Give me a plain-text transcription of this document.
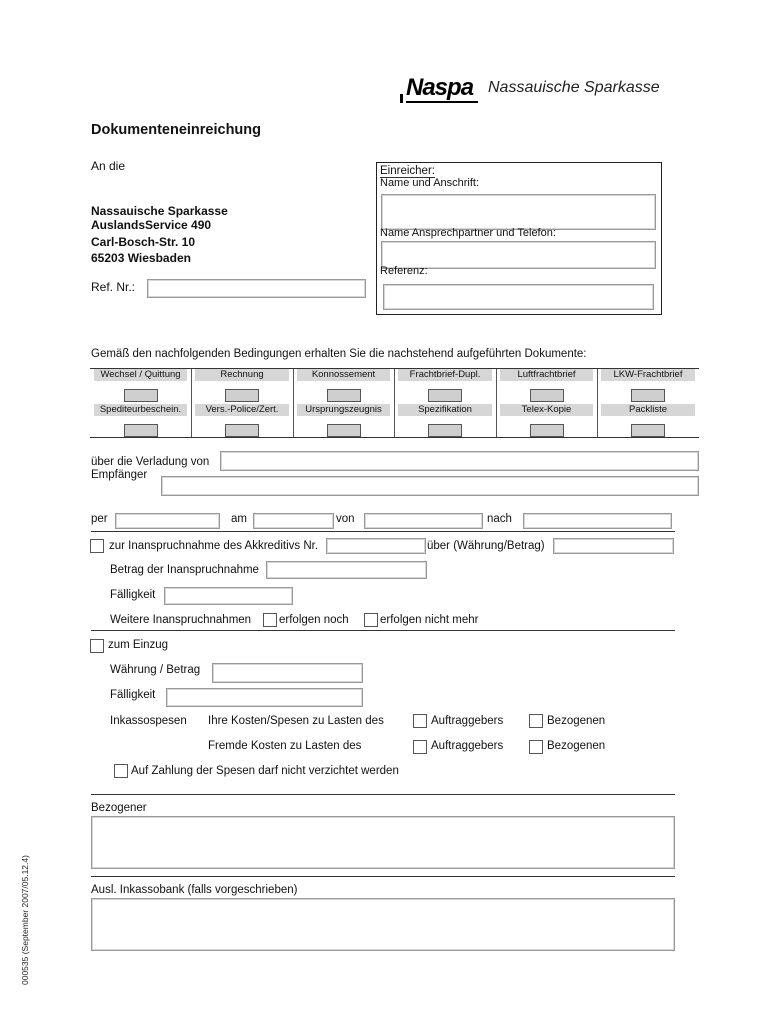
Naspa Nassauische Sparkasse
Dokumenteneinreichung
An die
Nassauische Sparkasse
AuslandsService 490
Carl-Bosch-Str. 10
65203 Wiesbaden
Ref. Nr.:
Einreicher:
Name und Anschrift:
Name Ansprechpartner und Telefon:
Referenz:
Gemäß den nachfolgenden Bedingungen erhalten Sie die nachstehend aufgeführten Dokumente:
Wechsel / Quittung	Rechnung	Konnossement	Frachtbrief-Dupl.	Luftfrachtbrief	LKW-Frachtbrief
Spediteurbeschein.	Vers.-Police/Zert.	Ursprungszeugnis	Spezifikation	Telex-Kopie	Packliste
über die Verladung von
Empfänger
per	am	von	nach
zur Inanspruchnahme des Akkreditivs Nr.	über (Währung/Betrag)
Betrag der Inanspruchnahme
Fälligkeit
Weitere Inanspruchnahmen erfolgen noch	erfolgen nicht mehr
zum Einzug
Währung / Betrag
Fälligkeit
Inkassospesen Ihre Kosten/Spesen zu Lasten des	Auftraggebers	Bezogenen
Fremde Kosten zu Lasten des	Auftraggebers	Bezogenen
Auf Zahlung der Spesen darf nicht verzichtet werden
Bezogener
Ausl. Inkassobank (falls vorgeschrieben)
000535 (September 2007/05.12.4)
